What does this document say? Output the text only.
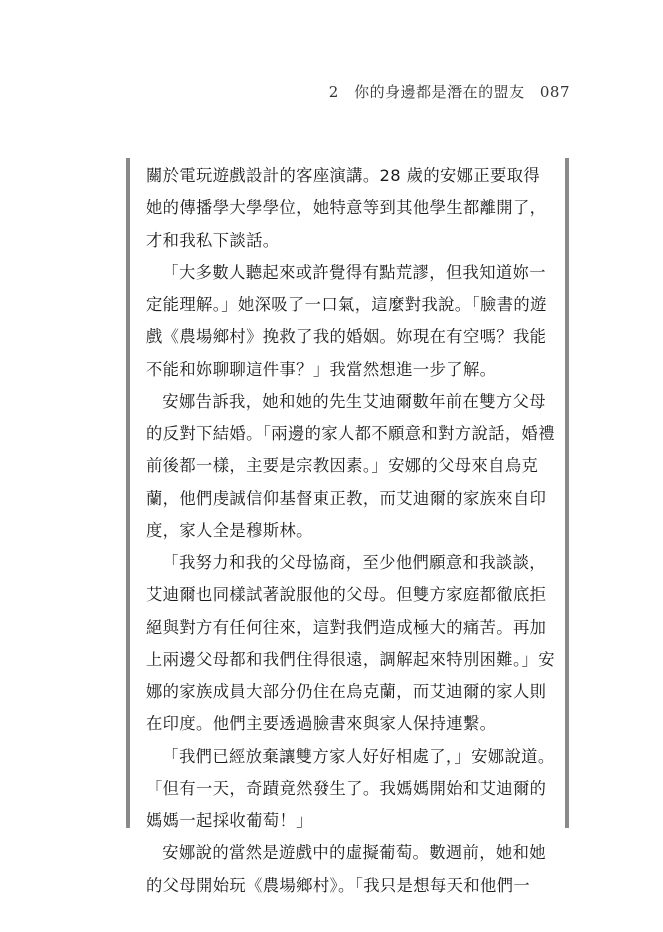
2 你的身邊都是潛在的盟友 087

關於電玩遊戲設計的客座演講。28 歲的安娜正要取得她的傳播學大學學位，她特意等到其他學生都離開了，才和我私下談話。

「大多數人聽起來或許覺得有點荒謬，但我知道妳一定能理解。」她深吸了一口氣，這麼對我說。「臉書的遊戲《農場鄉村》挽救了我的婚姻。妳現在有空嗎？我能不能和妳聊聊這件事？」我當然想進一步了解。

安娜告訴我，她和她的先生艾迪爾數年前在雙方父母的反對下結婚。「兩邊的家人都不願意和對方說話，婚禮前後都一樣，主要是宗教因素。」安娜的父母來自烏克蘭，他們虔誠信仰基督東正教，而艾迪爾的家族來自印度，家人全是穆斯林。

「我努力和我的父母協商，至少他們願意和我談談，艾迪爾也同樣試著說服他的父母。但雙方家庭都徹底拒絕與對方有任何往來，這對我們造成極大的痛苦。再加上兩邊父母都和我們住得很遠，調解起來特別困難。」安娜的家族成員大部分仍住在烏克蘭，而艾迪爾的家人則在印度。他們主要透過臉書來與家人保持連繫。

「我們已經放棄讓雙方家人好好相處了，」安娜說道。「但有一天，奇蹟竟然發生了。我媽媽開始和艾迪爾的媽媽一起採收葡萄！」

安娜說的當然是遊戲中的虛擬葡萄。數週前，她和她的父母開始玩《農場鄉村》。「我只是想每天和他們一
